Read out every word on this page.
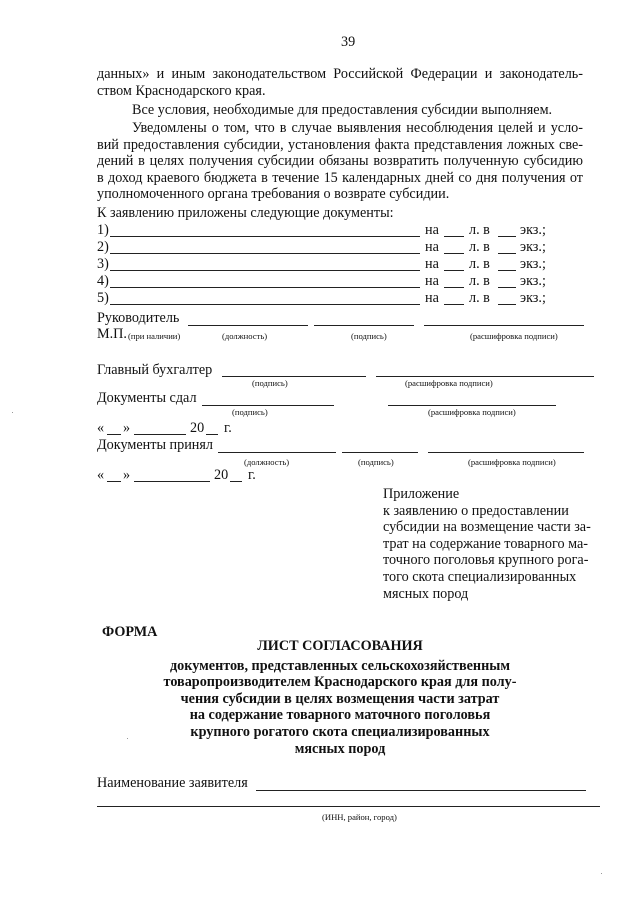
39
данных» и иным законодательством Российской Федерации и законодатель-
ством Краснодарского края.
Все условия, необходимые для предоставления субсидии выполняем.
Уведомлены о том, что в случае выявления несоблюдения целей и усло-
вий предоставления субсидии, установления факта представления ложных све-
дений в целях получения субсидии обязаны возвратить полученную субсидию
в доход краевого бюджета в течение 15 календарных дней со дня получения от
уполномоченного органа требования о возврате субсидии.
К заявлению приложены следующие документы:
1)	на л. в экз.;
2)	на л. в экз.;
3)	на л. в экз.;
4)	на л. в экз.;
5)	на л. в экз.;
Руководитель
М.П. (при наличии)	(должность)	(подпись)	(расшифровка подписи)
Главный бухгалтер
(подпись)	(расшифровка подписи)
Документы сдал
(подпись)	(расшифровка подписи)
« »	20 г.
Документы принял
(должность)	(подпись)	(расшифровка подписи)
« »	20 г.
Приложение
к заявлению о предоставлении
субсидии на возмещение части за-
трат на содержание товарного ма-
точного поголовья крупного рога-
того скота специализированных
мясных пород
ФОРМА
ЛИСТ СОГЛАСОВАНИЯ
документов, представленных сельскохозяйственным
товаропроизводителем Краснодарского края для полу-
чения субсидии в целях возмещения части затрат
на содержание товарного маточного поголовья
крупного рогатого скота специализированных
мясных пород
Наименование заявителя
(ИНН, район, город)
